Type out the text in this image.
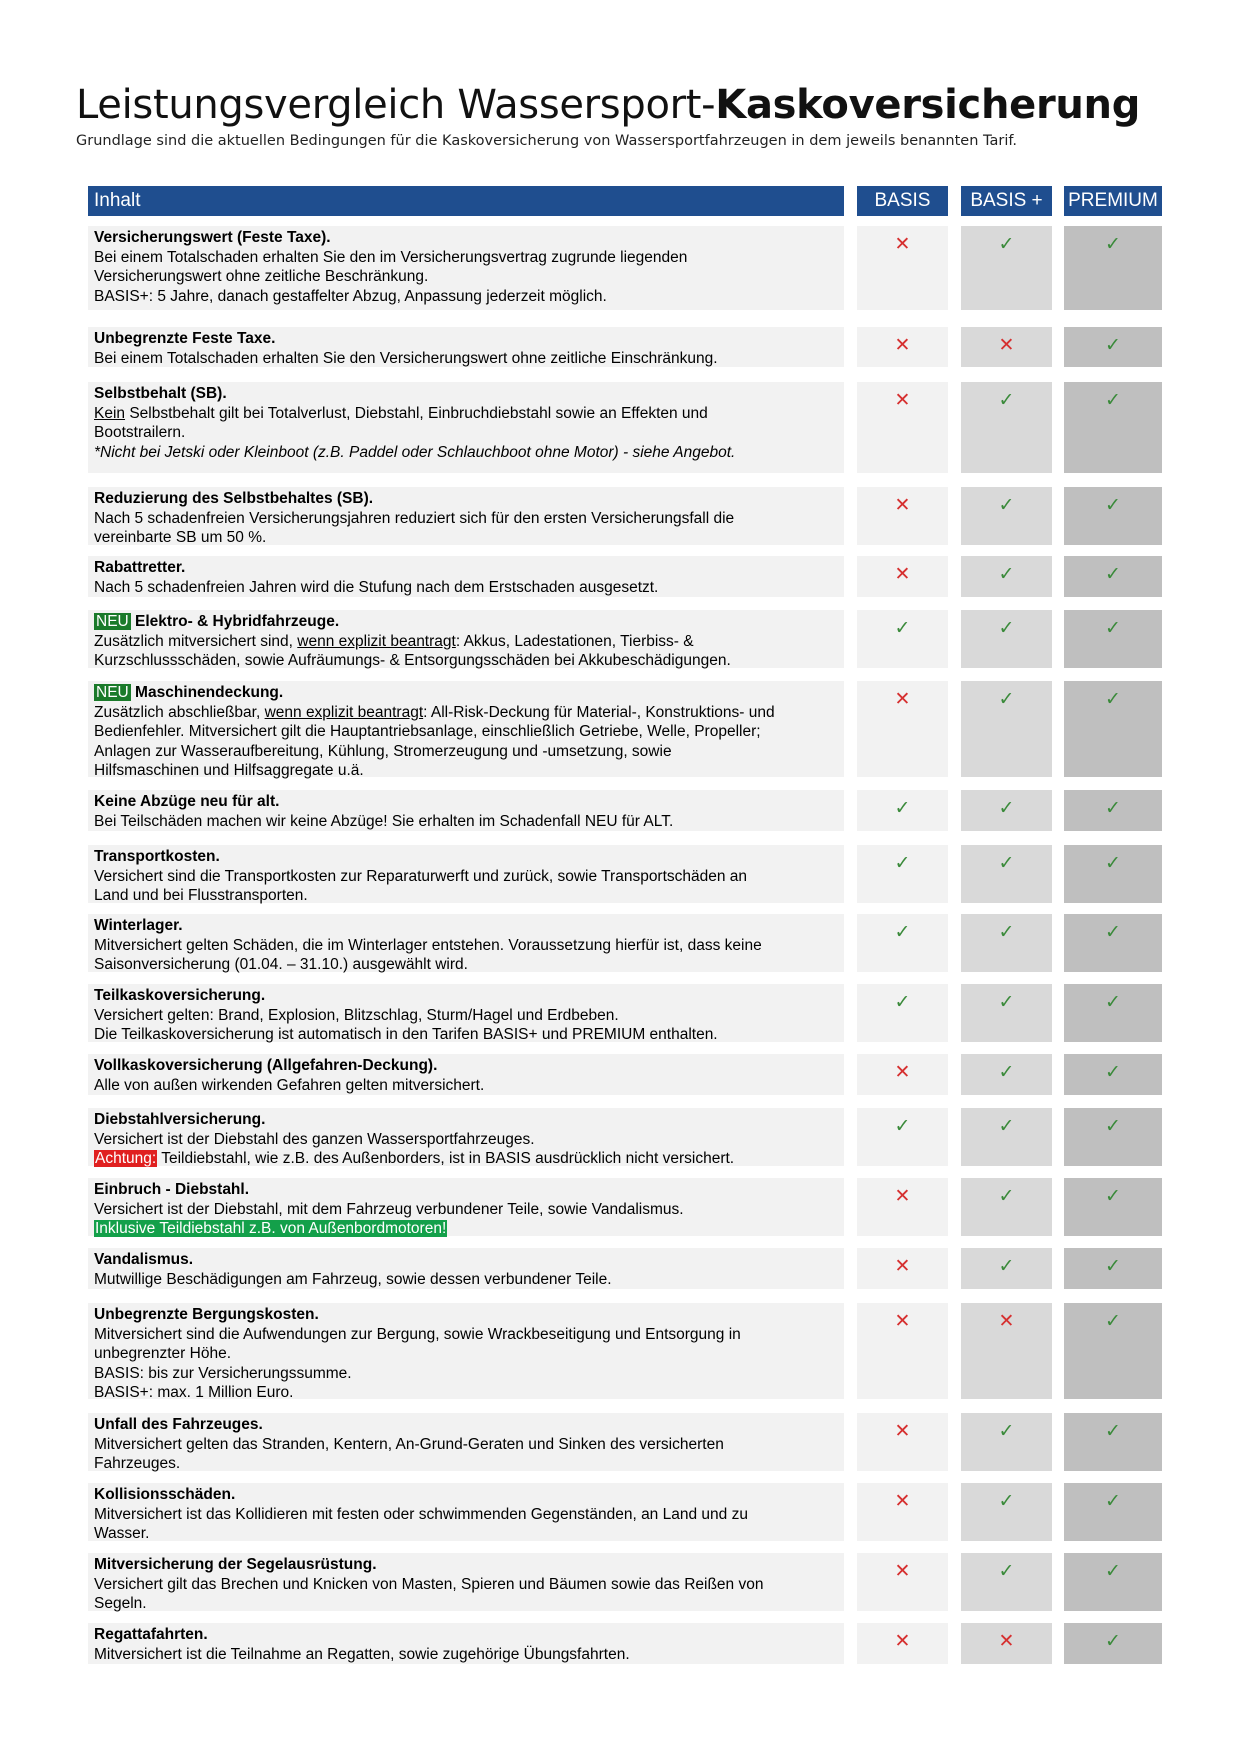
Leistungsvergleich Wassersport-Kaskoversicherung
Grundlage sind die aktuellen Bedingungen für die Kaskoversicherung von Wassersportfahrzeugen in dem jeweils benannten Tarif.
Inhalt	BASIS	BASIS +	PREMIUM
Versicherungswert (Feste Taxe).
Bei einem Totalschaden erhalten Sie den im Versicherungsvertrag zugrunde liegenden
Versicherungswert ohne zeitliche Beschränkung.
BASIS+: 5 Jahre, danach gestaffelter Abzug, Anpassung jederzeit möglich.
✕	✓	✓
Unbegrenzte Feste Taxe.
Bei einem Totalschaden erhalten Sie den Versicherungswert ohne zeitliche Einschränkung.
✕	✕	✓
Selbstbehalt (SB).
Kein Selbstbehalt gilt bei Totalverlust, Diebstahl, Einbruchdiebstahl sowie an Effekten und
Bootstrailern.
*Nicht bei Jetski oder Kleinboot (z.B. Paddel oder Schlauchboot ohne Motor) - siehe Angebot.
✕	✓	✓
Reduzierung des Selbstbehaltes (SB).
Nach 5 schadenfreien Versicherungsjahren reduziert sich für den ersten Versicherungsfall die
vereinbarte SB um 50 %.
✕	✓	✓
Rabattretter.
Nach 5 schadenfreien Jahren wird die Stufung nach dem Erstschaden ausgesetzt.
✕	✓	✓
NEU Elektro- & Hybridfahrzeuge.
Zusätzlich mitversichert sind, wenn explizit beantragt: Akkus, Ladestationen, Tierbiss- &
Kurzschlussschäden, sowie Aufräumungs- & Entsorgungsschäden bei Akkubeschädigungen.
✓	✓	✓
NEU Maschinendeckung.
Zusätzlich abschließbar, wenn explizit beantragt: All-Risk-Deckung für Material-, Konstruktions- und
Bedienfehler. Mitversichert gilt die Hauptantriebsanlage, einschließlich Getriebe, Welle, Propeller;
Anlagen zur Wasseraufbereitung, Kühlung, Stromerzeugung und -umsetzung, sowie
Hilfsmaschinen und Hilfsaggregate u.ä.
✕	✓	✓
Keine Abzüge neu für alt.
Bei Teilschäden machen wir keine Abzüge! Sie erhalten im Schadenfall NEU für ALT.
✓	✓	✓
Transportkosten.
Versichert sind die Transportkosten zur Reparaturwerft und zurück, sowie Transportschäden an
Land und bei Flusstransporten.
✓	✓	✓
Winterlager.
Mitversichert gelten Schäden, die im Winterlager entstehen. Voraussetzung hierfür ist, dass keine
Saisonversicherung (01.04. – 31.10.) ausgewählt wird.
✓	✓	✓
Teilkaskoversicherung.
Versichert gelten: Brand, Explosion, Blitzschlag, Sturm/Hagel und Erdbeben.
Die Teilkaskoversicherung ist automatisch in den Tarifen BASIS+ und PREMIUM enthalten.
✓	✓	✓
Vollkaskoversicherung (Allgefahren-Deckung).
Alle von außen wirkenden Gefahren gelten mitversichert.
✕	✓	✓
Diebstahlversicherung.
Versichert ist der Diebstahl des ganzen Wassersportfahrzeuges.
Achtung: Teildiebstahl, wie z.B. des Außenborders, ist in BASIS ausdrücklich nicht versichert.
✓	✓	✓
Einbruch - Diebstahl.
Versichert ist der Diebstahl, mit dem Fahrzeug verbundener Teile, sowie Vandalismus.
Inklusive Teildiebstahl z.B. von Außenbordmotoren!
✕	✓	✓
Vandalismus.
Mutwillige Beschädigungen am Fahrzeug, sowie dessen verbundener Teile.
✕	✓	✓
Unbegrenzte Bergungskosten.
Mitversichert sind die Aufwendungen zur Bergung, sowie Wrackbeseitigung und Entsorgung in
unbegrenzter Höhe.
BASIS: bis zur Versicherungssumme.
BASIS+: max. 1 Million Euro.
✕	✕	✓
Unfall des Fahrzeuges.
Mitversichert gelten das Stranden, Kentern, An-Grund-Geraten und Sinken des versicherten
Fahrzeuges.
✕	✓	✓
Kollisionsschäden.
Mitversichert ist das Kollidieren mit festen oder schwimmenden Gegenständen, an Land und zu
Wasser.
✕	✓	✓
Mitversicherung der Segelausrüstung.
Versichert gilt das Brechen und Knicken von Masten, Spieren und Bäumen sowie das Reißen von
Segeln.
✕	✓	✓
Regattafahrten.
Mitversichert ist die Teilnahme an Regatten, sowie zugehörige Übungsfahrten.
✕	✕	✓
